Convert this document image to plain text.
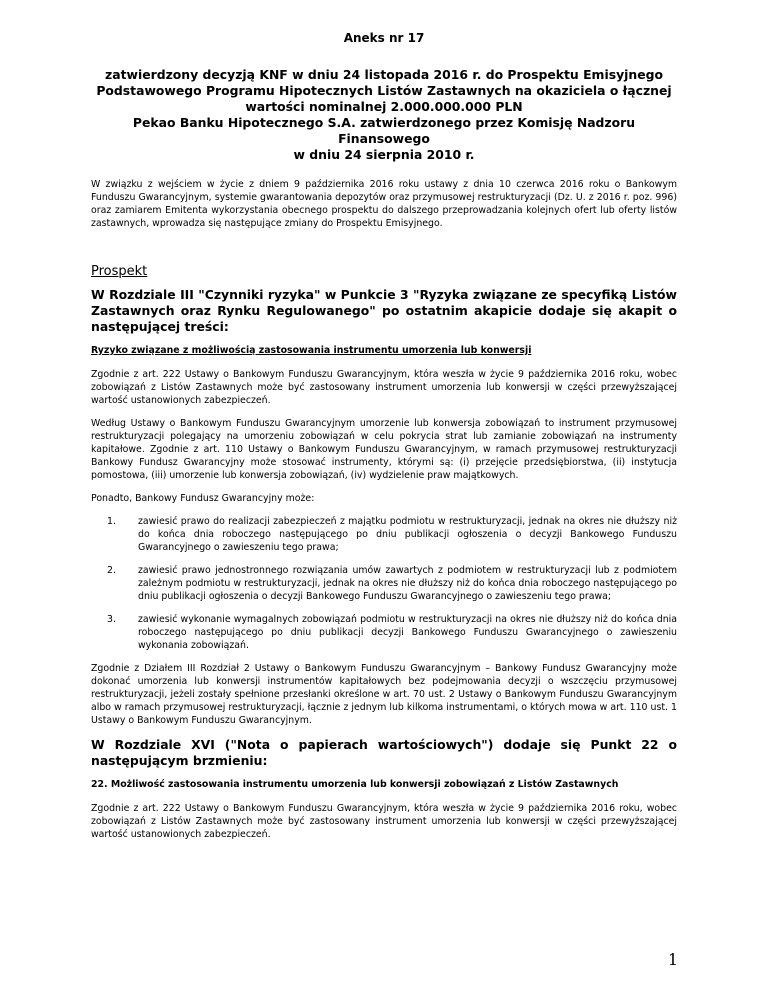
Aneks nr 17
zatwierdzony decyzją KNF w dniu 24 listopada 2016 r. do Prospektu Emisyjnego
Podstawowego Programu Hipotecznych Listów Zastawnych na okaziciela o łącznej
wartości nominalnej 2.000.000.000 PLN
Pekao Banku Hipotecznego S.A. zatwierdzonego przez Komisję Nadzoru Finansowego
w dniu 24 sierpnia 2010 r.

W związku z wejściem w życie z dniem 9 października 2016 roku ustawy z dnia 10 czerwca 2016 roku o Bankowym Funduszu Gwarancyjnym, systemie gwarantowania depozytów oraz przymusowej restrukturyzacji (Dz. U. z 2016 r. poz. 996) oraz zamiarem Emitenta wykorzystania obecnego prospektu do dalszego przeprowadzania kolejnych ofert lub oferty listów zastawnych, wprowadza się następujące zmiany do Prospektu Emisyjnego.

Prospekt
W Rozdziale III "Czynniki ryzyka" w Punkcie 3 "Ryzyka związane ze specyfiką Listów Zastawnych oraz Rynku Regulowanego" po ostatnim akapicie dodaje się akapit o następującej treści:
Ryzyko związane z możliwością zastosowania instrumentu umorzenia lub konwersji

Zgodnie z art. 222 Ustawy o Bankowym Funduszu Gwarancyjnym, która weszła w życie 9 października 2016 roku, wobec zobowiązań z Listów Zastawnych może być zastosowany instrument umorzenia lub konwersji w części przewyższającej wartość ustanowionych zabezpieczeń.

Według Ustawy o Bankowym Funduszu Gwarancyjnym umorzenie lub konwersja zobowiązań to instrument przymusowej restrukturyzacji polegający na umorzeniu zobowiązań w celu pokrycia strat lub zamianie zobowiązań na instrumenty kapitałowe. Zgodnie z art. 110 Ustawy o Bankowym Funduszu Gwarancyjnym, w ramach przymusowej restrukturyzacji Bankowy Fundusz Gwarancyjny może stosować instrumenty, którymi są: (i) przejęcie przedsiębiorstwa, (ii) instytucja pomostowa, (iii) umorzenie lub konwersja zobowiązań, (iv) wydzielenie praw majątkowych.

Ponadto, Bankowy Fundusz Gwarancyjny może:

1.	zawiesić prawo do realizacji zabezpieczeń z majątku podmiotu w restrukturyzacji, jednak na okres nie dłuższy niż do końca dnia roboczego następującego po dniu publikacji ogłoszenia o decyzji Bankowego Funduszu Gwarancyjnego o zawieszeniu tego prawa;
2.	zawiesić prawo jednostronnego rozwiązania umów zawartych z podmiotem w restrukturyzacji lub z podmiotem zależnym podmiotu w restrukturyzacji, jednak na okres nie dłuższy niż do końca dnia roboczego następującego po dniu publikacji ogłoszenia o decyzji Bankowego Funduszu Gwarancyjnego o zawieszeniu tego prawa;
3.	zawiesić wykonanie wymagalnych zobowiązań podmiotu w restrukturyzacji na okres nie dłuższy niż do końca dnia roboczego następującego po dniu publikacji decyzji Bankowego Funduszu Gwarancyjnego o zawieszeniu wykonania zobowiązań.

Zgodnie z Działem III Rozdział 2 Ustawy o Bankowym Funduszu Gwarancyjnym – Bankowy Fundusz Gwarancyjny może dokonać umorzenia lub konwersji instrumentów kapitałowych bez podejmowania decyzji o wszczęciu przymusowej restrukturyzacji, jeżeli zostały spełnione przesłanki określone w art. 70 ust. 2 Ustawy o Bankowym Funduszu Gwarancyjnym albo w ramach przymusowej restrukturyzacji, łącznie z jednym lub kilkoma instrumentami, o których mowa w art. 110 ust. 1 Ustawy o Bankowym Funduszu Gwarancyjnym.

W Rozdziale XVI ("Nota o papierach wartościowych") dodaje się Punkt 22 o następującym brzmieniu:
22. Możliwość zastosowania instrumentu umorzenia lub konwersji zobowiązań z Listów Zastawnych

Zgodnie z art. 222 Ustawy o Bankowym Funduszu Gwarancyjnym, która weszła w życie 9 października 2016 roku, wobec zobowiązań z Listów Zastawnych może być zastosowany instrument umorzenia lub konwersji w części przewyższającej wartość ustanowionych zabezpieczeń.

1
